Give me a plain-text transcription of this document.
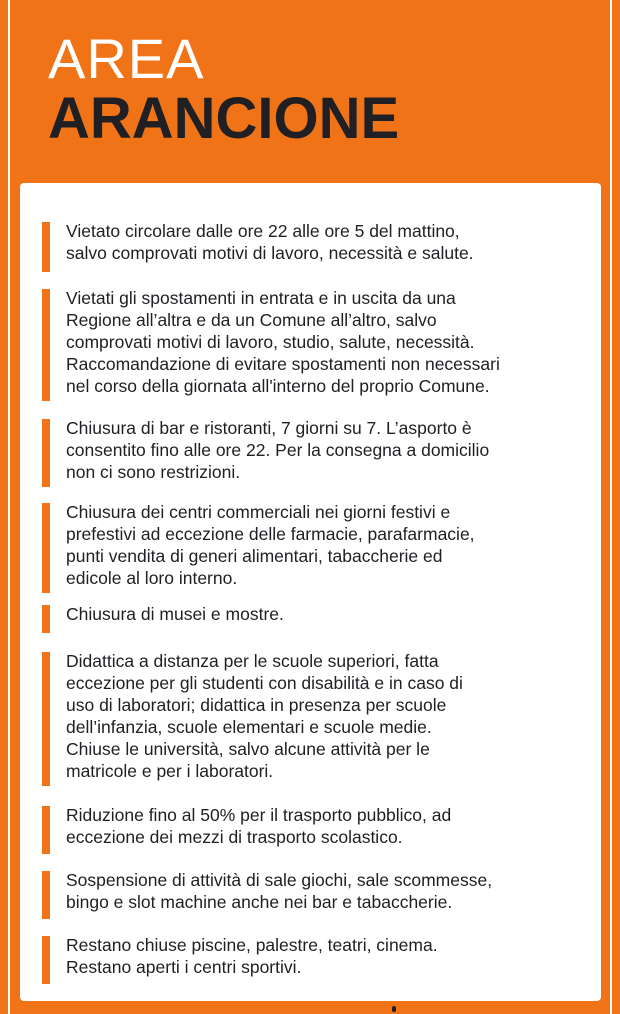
AREA
ARANCIONE

Vietato circolare dalle ore 22 alle ore 5 del mattino,
salvo comprovati motivi di lavoro, necessità e salute.

Vietati gli spostamenti in entrata e in uscita da una
Regione all’altra e da un Comune all’altro, salvo
comprovati motivi di lavoro, studio, salute, necessità.
Raccomandazione di evitare spostamenti non necessari
nel corso della giornata all'interno del proprio Comune.

Chiusura di bar e ristoranti, 7 giorni su 7. L’asporto è
consentito fino alle ore 22. Per la consegna a domicilio
non ci sono restrizioni.

Chiusura dei centri commerciali nei giorni festivi e
prefestivi ad eccezione delle farmacie, parafarmacie,
punti vendita di generi alimentari, tabaccherie ed
edicole al loro interno.

Chiusura di musei e mostre.

Didattica a distanza per le scuole superiori, fatta
eccezione per gli studenti con disabilità e in caso di
uso di laboratori; didattica in presenza per scuole
dell’infanzia, scuole elementari e scuole medie.
Chiuse le università, salvo alcune attività per le
matricole e per i laboratori.

Riduzione fino al 50% per il trasporto pubblico, ad
eccezione dei mezzi di trasporto scolastico.

Sospensione di attività di sale giochi, sale scommesse,
bingo e slot machine anche nei bar e tabaccherie.

Restano chiuse piscine, palestre, teatri, cinema.
Restano aperti i centri sportivi.
